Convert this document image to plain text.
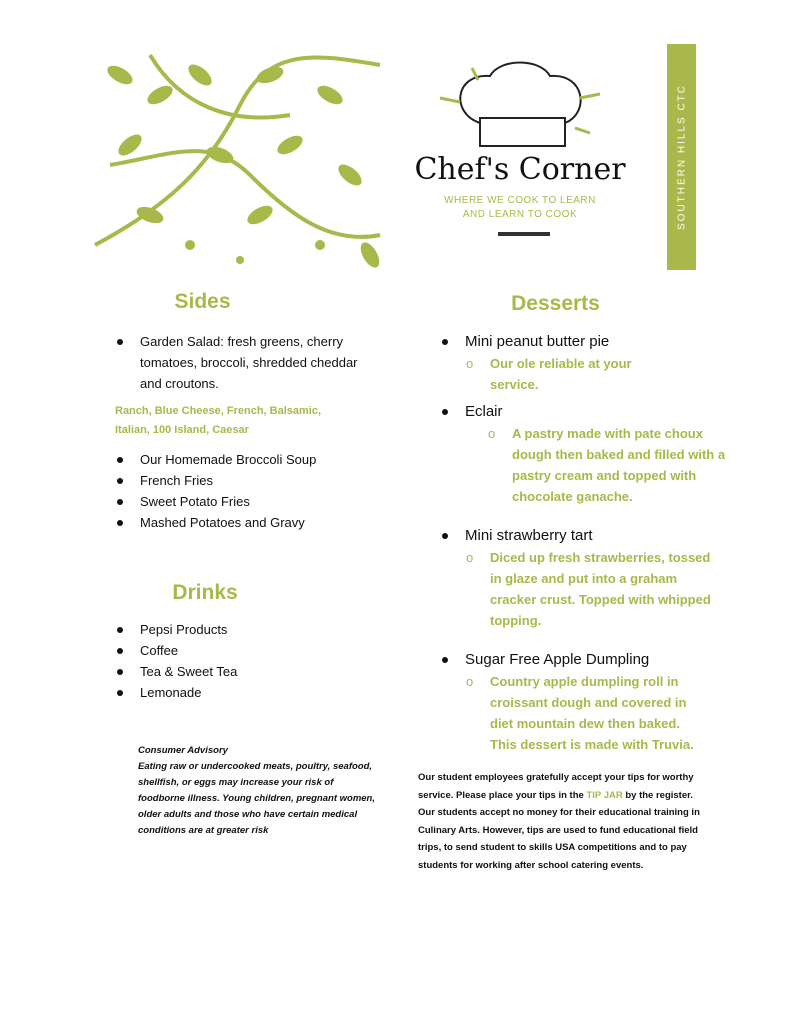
Chef's Corner
WHERE WE COOK TO LEARN
AND LEARN TO COOK	SOUTHERN HILLS CTC
Sides
Garden Salad: fresh greens, cherry tomatoes, broccoli, shredded cheddar and croutons.
Ranch, Blue Cheese, French, Balsamic, Italian, 100 Island, Caesar
Our Homemade Broccoli Soup
French Fries
Sweet Potato Fries
Mashed Potatoes and Gravy
Drinks
Pepsi Products
Coffee
Tea & Sweet Tea
Lemonade
Consumer Advisory
Eating raw or undercooked meats, poultry, seafood, shellfish, or eggs may increase your risk of foodborne illness. Young children, pregnant women, older adults and those who have certain medical conditions are at greater risk
Desserts
Mini peanut butter pie
o Our ole reliable at your service.
Eclair
o A pastry made with pate choux dough then baked and filled with a pastry cream and topped with chocolate ganache.
Mini strawberry tart
o Diced up fresh strawberries, tossed in glaze and put into a graham cracker crust. Topped with whipped topping.
Sugar Free Apple Dumpling
o Country apple dumpling roll in croissant dough and covered in diet mountain dew then baked. This dessert is made with Truvia.
Our student employees gratefully accept your tips for worthy service. Please place your tips in the TIP JAR by the register. Our students accept no money for their educational training in Culinary Arts. However, tips are used to fund educational field trips, to send student to skills USA competitions and to pay students for working after school catering events.
